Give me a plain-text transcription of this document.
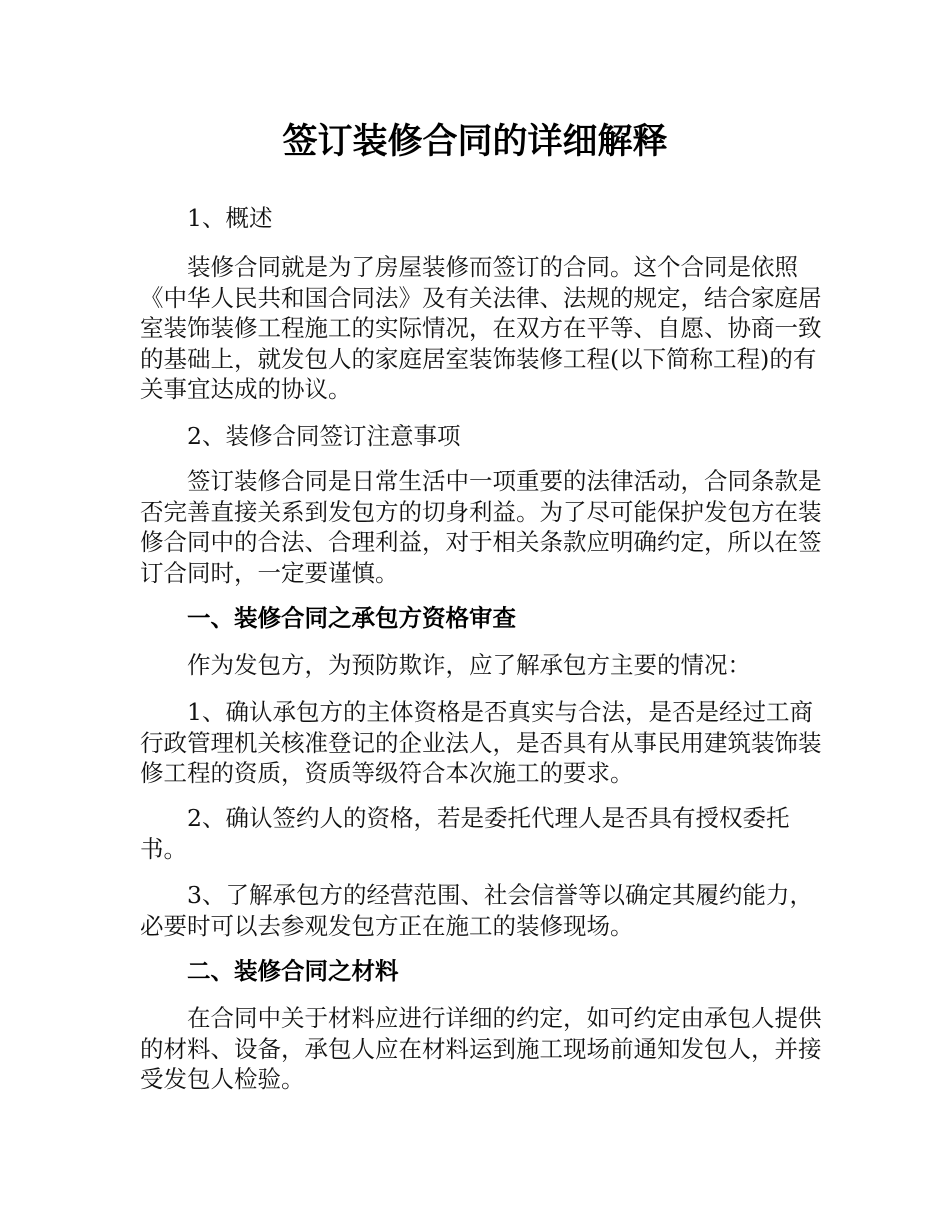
签订装修合同的详细解释

1、概述

装修合同就是为了房屋装修而签订的合同。这个合同是依照《中华人民共和国合同法》及有关法律、法规的规定，结合家庭居室装饰装修工程施工的实际情况，在双方在平等、自愿、协商一致的基础上，就发包人的家庭居室装饰装修工程(以下简称工程)的有关事宜达成的协议。

2、装修合同签订注意事项

签订装修合同是日常生活中一项重要的法律活动，合同条款是否完善直接关系到发包方的切身利益。为了尽可能保护发包方在装修合同中的合法、合理利益，对于相关条款应明确约定，所以在签订合同时，一定要谨慎。

一、装修合同之承包方资格审查

作为发包方，为预防欺诈，应了解承包方主要的情况：

1、确认承包方的主体资格是否真实与合法，是否是经过工商行政管理机关核准登记的企业法人，是否具有从事民用建筑装饰装修工程的资质，资质等级符合本次施工的要求。

2、确认签约人的资格，若是委托代理人是否具有授权委托书。

3、了解承包方的经营范围、社会信誉等以确定其履约能力，必要时可以去参观发包方正在施工的装修现场。

二、装修合同之材料

在合同中关于材料应进行详细的约定，如可约定由承包人提供的材料、设备，承包人应在材料运到施工现场前通知发包人，并接受发包人检验。
